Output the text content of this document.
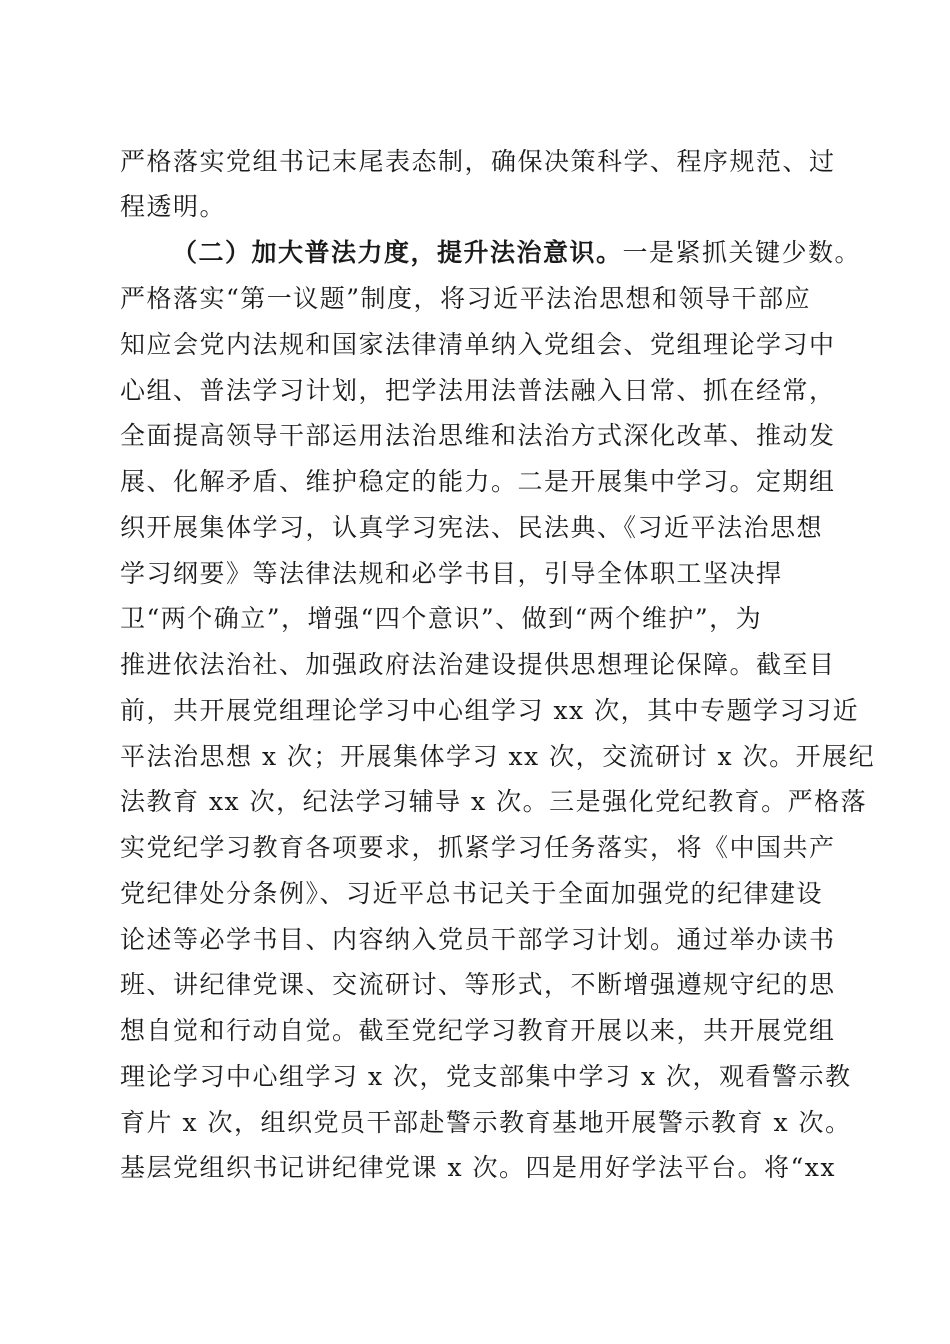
严格落实党组书记末尾表态制，确保决策科学、程序规范、过
程透明。
（二）加大普法力度，提升法治意识。一是紧抓关键少数。
严格落实“第一议题”制度，将习近平法治思想和领导干部应
知应会党内法规和国家法律清单纳入党组会、党组理论学习中
心组、普法学习计划，把学法用法普法融入日常、抓在经常，
全面提高领导干部运用法治思维和法治方式深化改革、推动发
展、化解矛盾、维护稳定的能力。二是开展集中学习。定期组
织开展集体学习，认真学习宪法、民法典、《习近平法治思想
学习纲要》等法律法规和必学书目，引导全体职工坚决捍
卫“两个确立”，增强“四个意识”、做到“两个维护”，为
推进依法治社、加强政府法治建设提供思想理论保障。截至目
前，共开展党组理论学习中心组学习 xx 次，其中专题学习习近
平法治思想 x 次；开展集体学习 xx 次，交流研讨 x 次。开展纪
法教育 xx 次，纪法学习辅导 x 次。三是强化党纪教育。严格落
实党纪学习教育各项要求，抓紧学习任务落实，将《中国共产
党纪律处分条例》、习近平总书记关于全面加强党的纪律建设
论述等必学书目、内容纳入党员干部学习计划。通过举办读书
班、讲纪律党课、交流研讨、等形式，不断增强遵规守纪的思
想自觉和行动自觉。截至党纪学习教育开展以来，共开展党组
理论学习中心组学习 x 次，党支部集中学习 x 次，观看警示教
育片 x 次，组织党员干部赴警示教育基地开展警示教育 x 次。
基层党组织书记讲纪律党课 x 次。四是用好学法平台。将“xx
